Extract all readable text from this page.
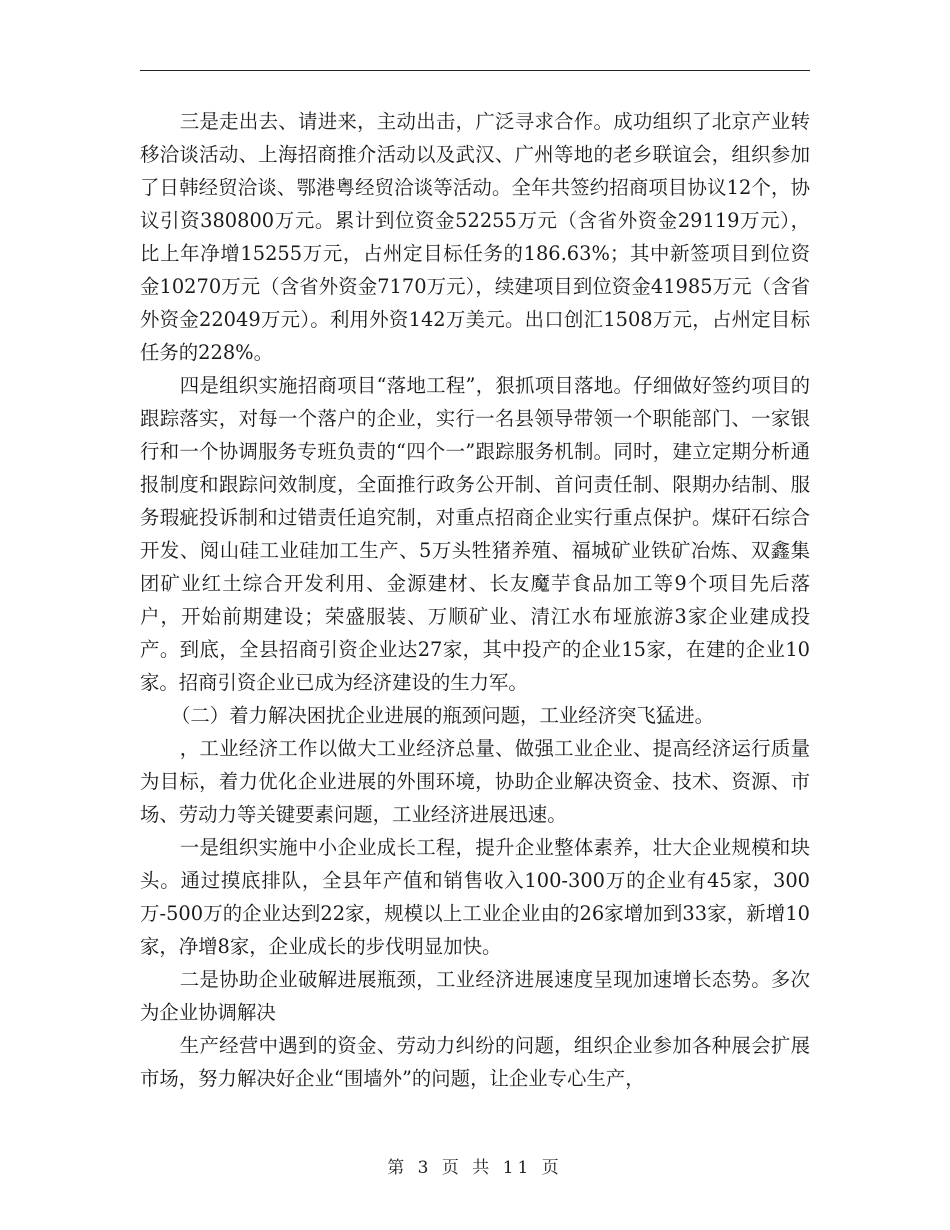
三是走出去、请进来，主动出击，广泛寻求合作。成功组织了北京产业转移洽谈活动、上海招商推介活动以及武汉、广州等地的老乡联谊会，组织参加了日韩经贸洽谈、鄂港粤经贸洽谈等活动。全年共签约招商项目协议12个，协议引资380800万元。累计到位资金52255万元（含省外资金29119万元），比上年净增15255万元，占州定目标任务的186.63%；其中新签项目到位资金10270万元（含省外资金7170万元），续建项目到位资金41985万元（含省外资金22049万元）。利用外资142万美元。出口创汇1508万元，占州定目标任务的228%。

四是组织实施招商项目“落地工程”，狠抓项目落地。仔细做好签约项目的跟踪落实，对每一个落户的企业，实行一名县领导带领一个职能部门、一家银行和一个协调服务专班负责的“四个一”跟踪服务机制。同时，建立定期分析通报制度和跟踪问效制度，全面推行政务公开制、首问责任制、限期办结制、服务瑕疵投诉制和过错责任追究制，对重点招商企业实行重点保护。煤矸石综合开发、阅山硅工业硅加工生产、5万头牲猪养殖、福城矿业铁矿冶炼、双鑫集团矿业红土综合开发利用、金源建材、长友魔芋食品加工等9个项目先后落户，开始前期建设；荣盛服装、万顺矿业、清江水布垭旅游3家企业建成投产。到底，全县招商引资企业达27家，其中投产的企业15家，在建的企业10家。招商引资企业已成为经济建设的生力军。

（二）着力解决困扰企业进展的瓶颈问题，工业经济突飞猛进。

，工业经济工作以做大工业经济总量、做强工业企业、提高经济运行质量为目标，着力优化企业进展的外围环境，协助企业解决资金、技术、资源、市场、劳动力等关键要素问题，工业经济进展迅速。

一是组织实施中小企业成长工程，提升企业整体素养，壮大企业规模和块头。通过摸底排队，全县年产值和销售收入100-300万的企业有45家，300万-500万的企业达到22家，规模以上工业企业由的26家增加到33家，新增10家，净增8家，企业成长的步伐明显加快。

二是协助企业破解进展瓶颈，工业经济进展速度呈现加速增长态势。多次为企业协调解决

生产经营中遇到的资金、劳动力纠纷的问题，组织企业参加各种展会扩展市场，努力解决好企业“围墙外”的问题，让企业专心生产，

第 3 页 共 11 页
